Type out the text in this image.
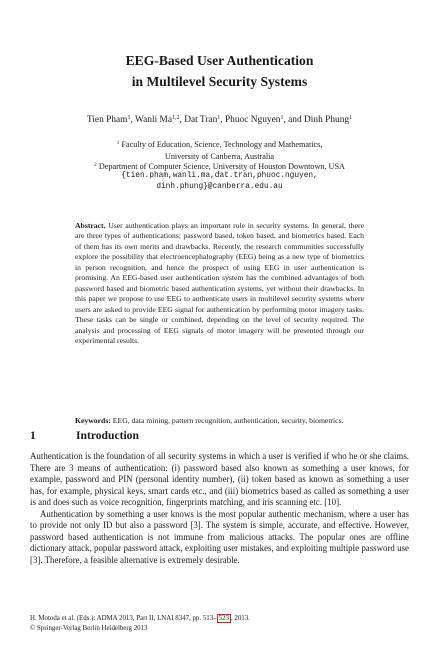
EEG-Based User Authentication
in Multilevel Security Systems
Tien Pham$^1$, Wanli Ma$^{1,2}$, Dat Tran$^1$, Phuoc Nguyen$^1$, and Dinh Phung$^1$
$^1$ Faculty of Education, Science, Technology and Mathematics,
University of Canberra, Australia
$^2$ Department of Computer Science, University of Houston Downtown, USA
{tien.pham,wanli.ma,dat.tran,phuoc.nguyen,
dinh.phung}@canberra.edu.au
Abstract. User authentication plays an important role in security systems. In general, there are three types of authentications; password based, token based, and biometrics based. Each of them has its own merits and drawbacks. Recently, the research communities successfully explore the possibility that electroencephalography (EEG) being as a new type of biometrics in person recognition, and hence the prospect of using EEG in user authentication is promising. An EEG-based user authentication system has the combined advantages of both password based and biometric based authentication systems, yet without their drawbacks. In this paper we propose to use EEG to authenticate users in multilevel security systems where users are asked to provide EEG signal for authentication by performing motor imagery tasks. These tasks can be single or combined, depending on the level of security required. The analysis and processing of EEG signals of motor imagery will be presented through our experimental results.
Keywords: EEG, data mining, pattern recognition, authentication, security, biometrics.
1	Introduction

Authentication is the foundation of all security systems in which a user is verified if who he or she claims. There are 3 means of authentication: (i) password based also known as something a user knows, for example, password and PIN (personal identity number), (ii) token based as known as something a user has, for example, physical keys, smart cards etc., and (iii) biometrics based as called as something a user is and does such as voice recognition, fingerprints matching, and iris scanning etc. [10].

Authentication by something a user knows is the most popular authentic mechanism, where a user has to provide not only ID but also a password [3]. The system is simple, accurate, and effective. However, password based authentication is not immune from malicious attacks. The popular ones are offline dictionary attack, popular password attack, exploiting user mistakes, and exploiting multiple password use [3]. Therefore, a feasible alternative is extremely desirable.

H. Motoda et al. (Eds.): ADMA 2013, Part II, LNAI 8347, pp. 513– 523 , 2013.
© Springer-Verlag Berlin Heidelberg 2013
